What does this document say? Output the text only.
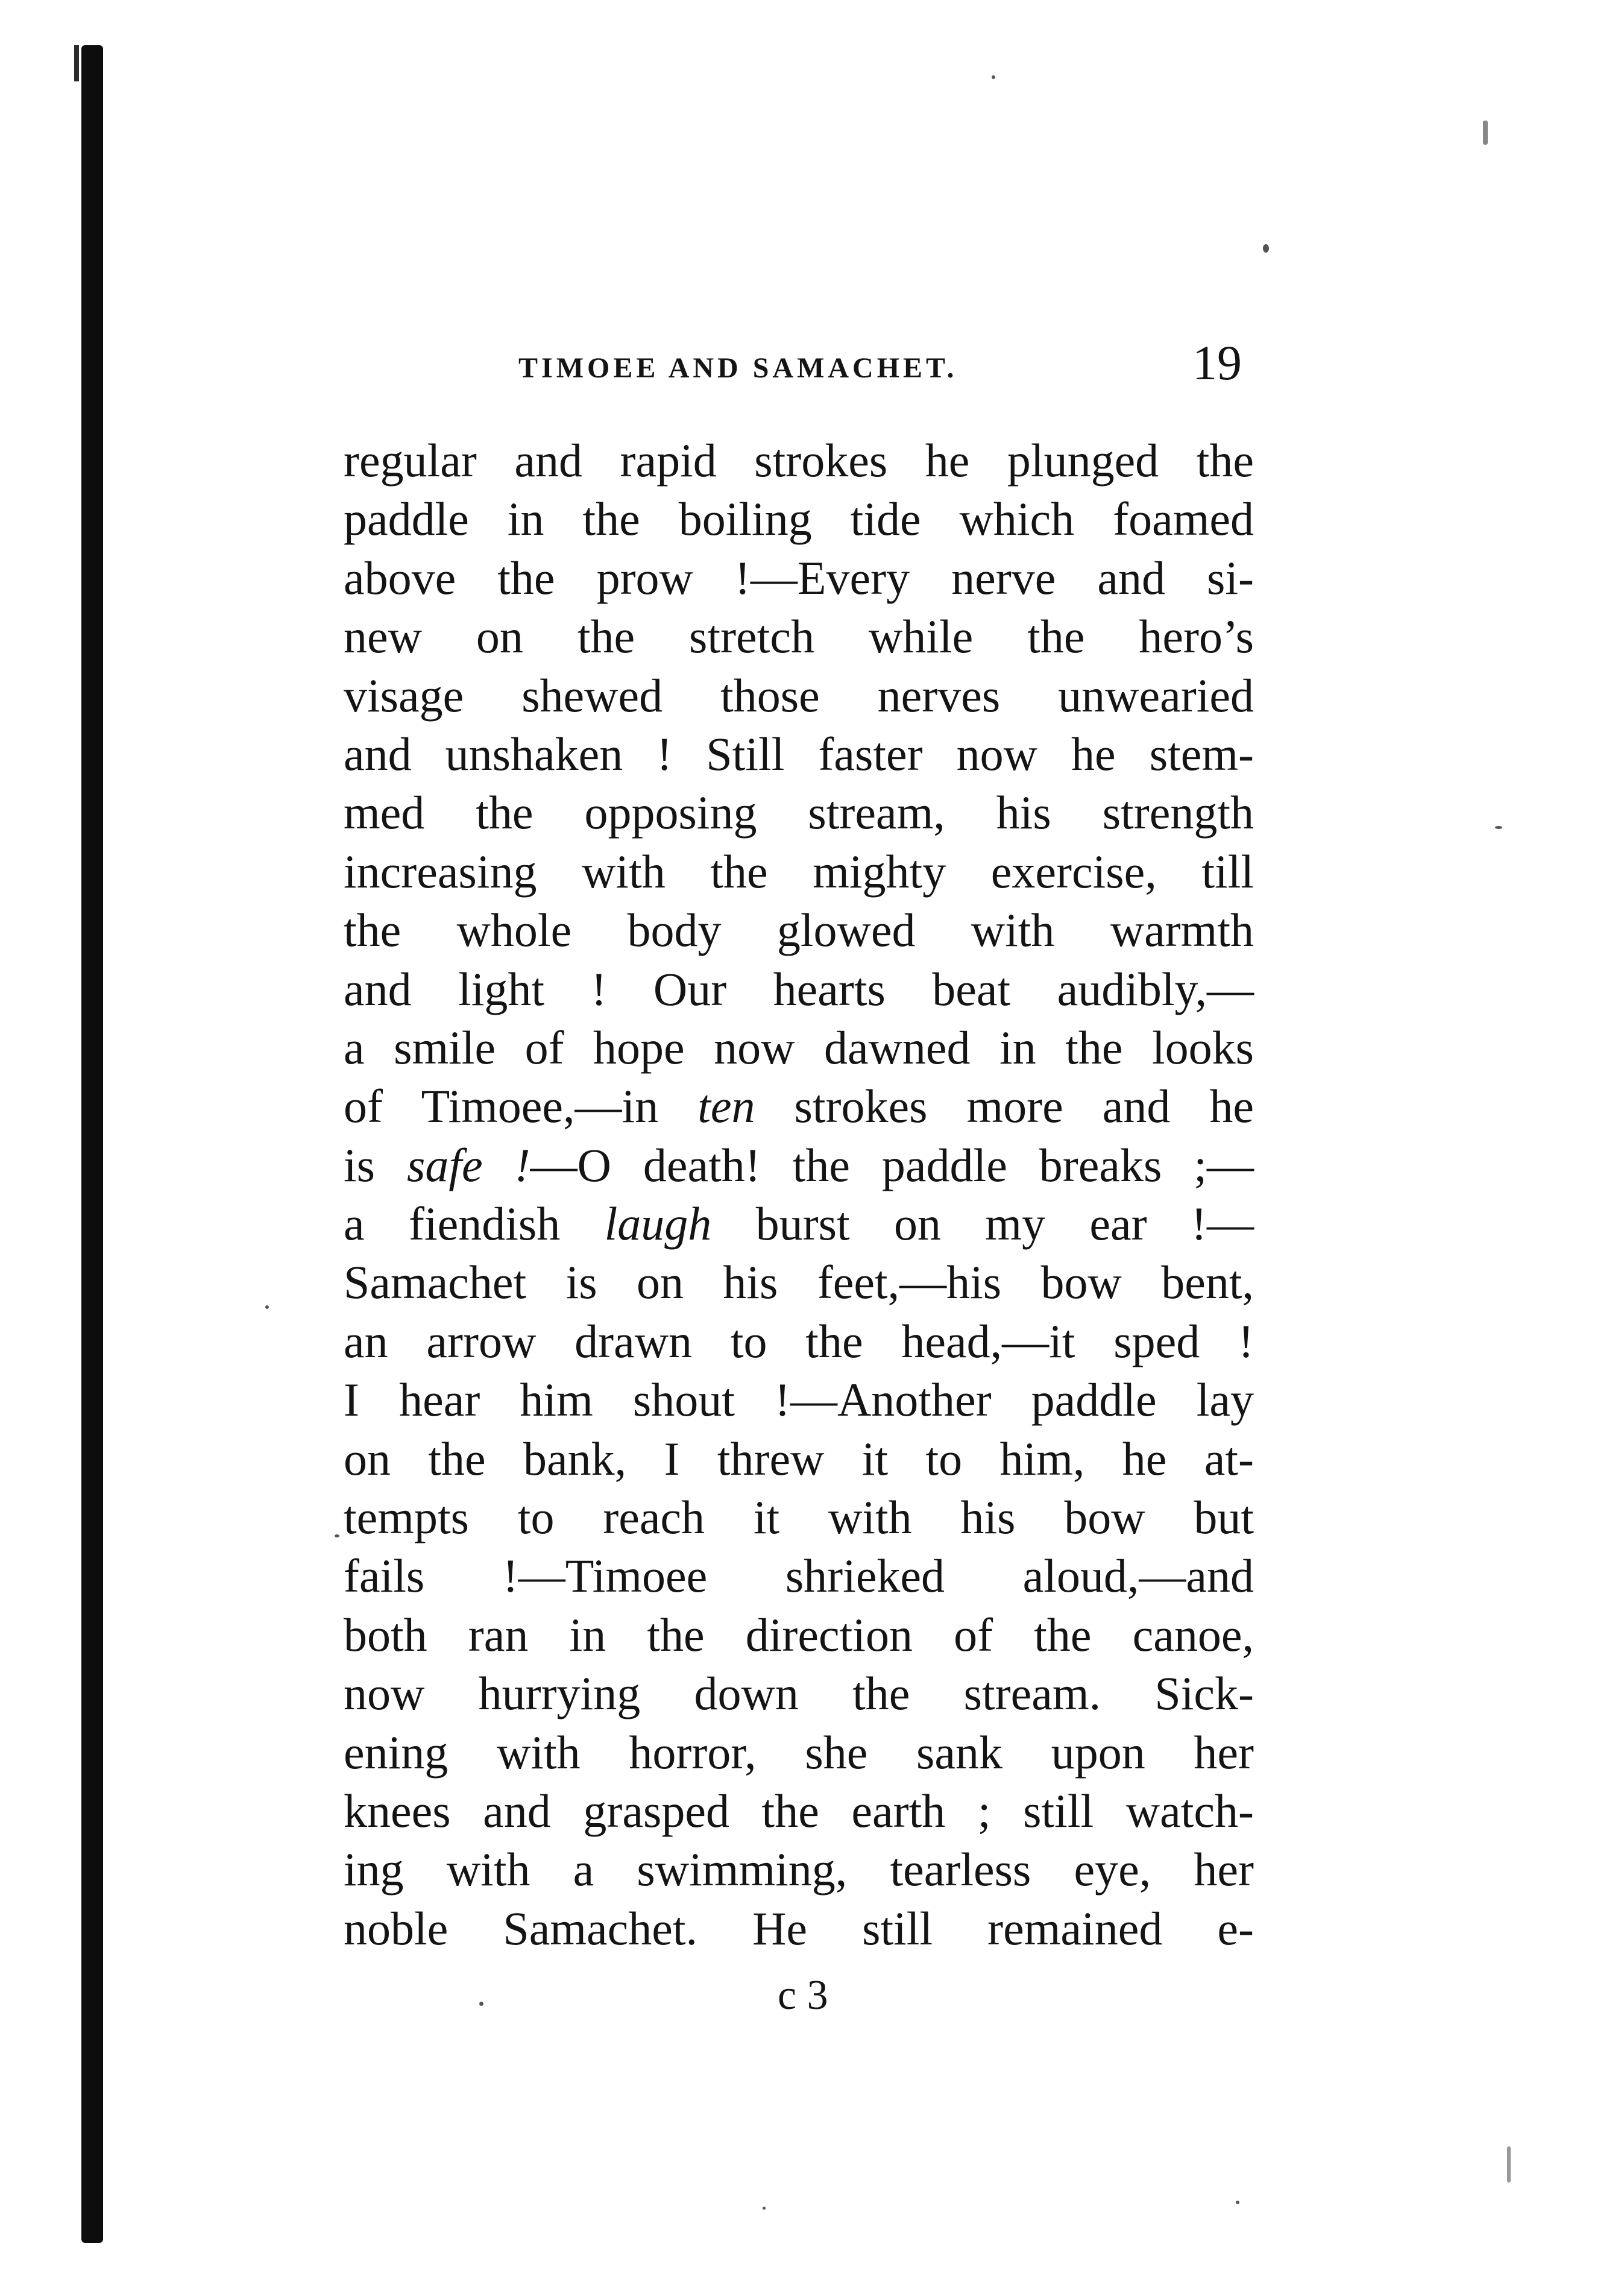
TIMOEE AND SAMACHET.	19
regular and rapid strokes he plunged the
paddle in the boiling tide which foamed
above the prow !—Every nerve and si-
new on the stretch while the hero’s
visage shewed those nerves unwearied
and unshaken ! Still faster now he stem-
med the opposing stream, his strength
increasing with the mighty exercise, till
the whole body glowed with warmth
and light ! Our hearts beat audibly,—
a smile of hope now dawned in the looks
of Timoee,—in ten strokes more and he
is safe !—O death! the paddle breaks ;—
a fiendish laugh burst on my ear !—
Samachet is on his feet,—his bow bent,
an arrow drawn to the head,—it sped !
I hear him shout !—Another paddle lay
on the bank, I threw it to him, he at-
tempts to reach it with his bow but
fails !—Timoee shrieked aloud,—and
both ran in the direction of the canoe,
now hurrying down the stream. Sick-
ening with horror, she sank upon her
knees and grasped the earth ; still watch-
ing with a swimming, tearless eye, her
noble Samachet. He still remained e-
c 3
